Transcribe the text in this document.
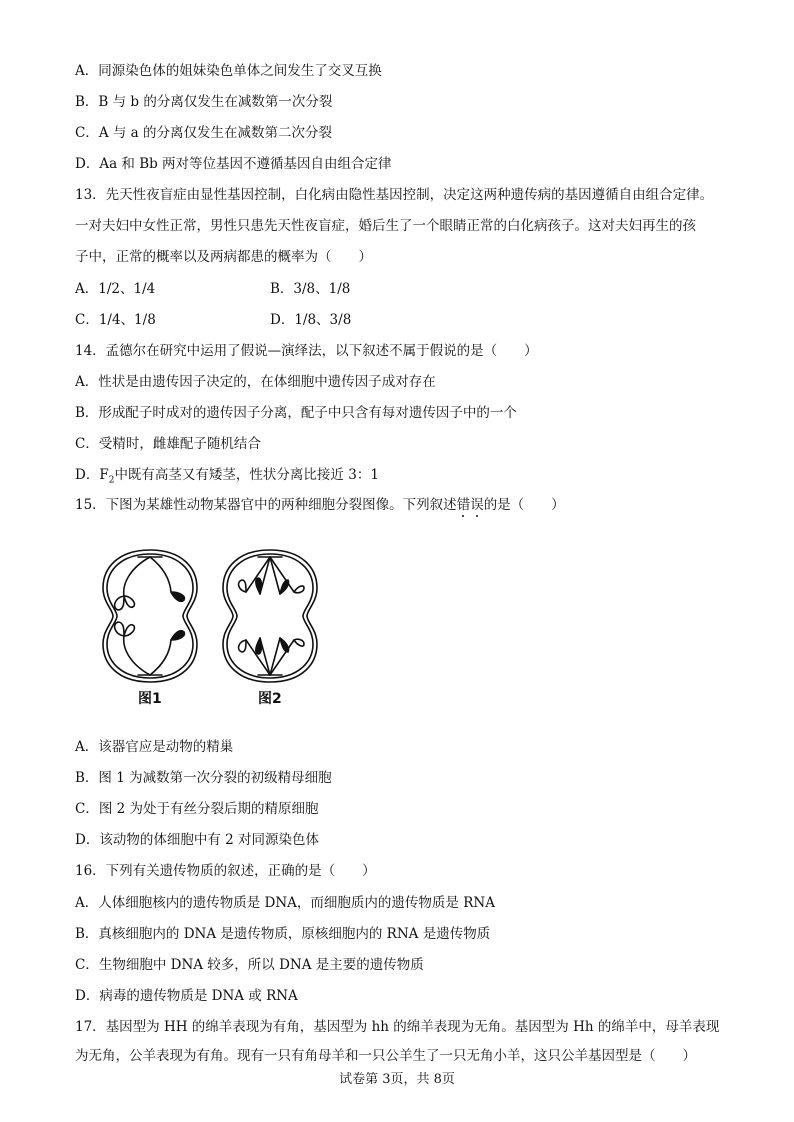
A．同源染色体的姐妹染色单体之间发生了交叉互换
B．B 与 b 的分离仅发生在减数第一次分裂
C．A 与 a 的分离仅发生在减数第二次分裂
D．Aa 和 Bb 两对等位基因不遵循基因自由组合定律
13．先天性夜盲症由显性基因控制，白化病由隐性基因控制，决定这两种遗传病的基因遵循自由组合定律。
一对夫妇中女性正常，男性只患先天性夜盲症，婚后生了一个眼睛正常的白化病孩子。这对夫妇再生的孩
子中，正常的概率以及两病都患的概率为（　　）
A．1/2、1/4	B．3/8、1/8
C．1/4、1/8	D．1/8、3/8
14．孟德尔在研究中运用了假说—演绎法，以下叙述不属于假说的是（　　）
A．性状是由遗传因子决定的，在体细胞中遗传因子成对存在
B．形成配子时成对的遗传因子分离，配子中只含有每对遗传因子中的一个
C．受精时，雌雄配子随机结合
D．$F_2$中既有高茎又有矮茎，性状分离比接近 3：1
15．下图为某雄性动物某器官中的两种细胞分裂图像。下列叙述错误的是（　　）
图1	图2
A．该器官应是动物的精巢
B．图 1 为减数第一次分裂的初级精母细胞
C．图 2 为处于有丝分裂后期的精原细胞
D．该动物的体细胞中有 2 对同源染色体
16．下列有关遗传物质的叙述，正确的是（　　）
A．人体细胞核内的遗传物质是 DNA，而细胞质内的遗传物质是 RNA
B．真核细胞内的 DNA 是遗传物质，原核细胞内的 RNA 是遗传物质
C．生物细胞中 DNA 较多，所以 DNA 是主要的遗传物质
D．病毒的遗传物质是 DNA 或 RNA
17．基因型为 HH 的绵羊表现为有角，基因型为 hh 的绵羊表现为无角。基因型为 Hh 的绵羊中，母羊表现
为无角，公羊表现为有角。现有一只有角母羊和一只公羊生了一只无角小羊，这只公羊基因型是（　　）
试卷第 3页，共 8页
